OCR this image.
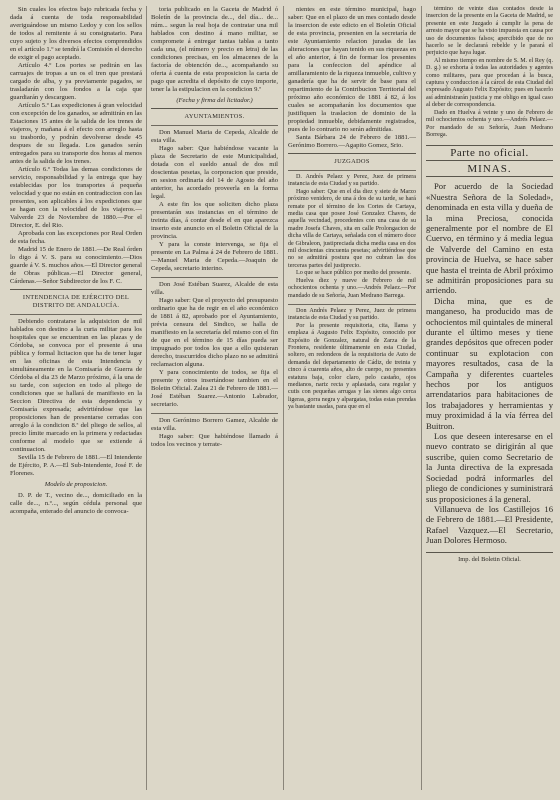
Sin cuales los efectos bajo rubricada fecha y dada á cuenta de toda responsabilidad averiguándose un mismo Ledoy y con los sellos de todos al remitente á su consignatario. Para cuyo sujeto y los diversos efectos comprendidos en el artículo 1.º se tendrá la Comisión el derecho de exigir el pago aceptado.

Artículo 4.º Los portes se pedirán en las carruajes de tropas a un os el tren que prestará cargado de alba, y ya previamente pagados, se trasladarán con los fondos a la caja que guardiarán y descarguen.

Artículo 5.º Las expediciones á gran velocidad con excepción de los ganados, se admitirán en las Estaciones 15 antes de la salida de los trenes de viajeros, y mañana á el efecto con arreglo hasta su trasbordo, y podrán devolverse desde 45 despues de su llegada. Los ganados serán entregados para su transporte dos horas al menos antes de la salida de los trenes.

Artículo 6.º Todas las demas condiciones de servicio, responsabilidad y la entrega que hay establecidas por los transportes á pequeña velocidad y que no están en contradiccion con las presentes, son aplicables á los expediciones que se hagan con la velocidad de los viajeros.—Valverde 23 de Noviembre de 1880.—Por el Director, E. del Rio.

Aprobada con las excepciones por Real Orden de esta fecha.

Madrid 15 de Enero de 1881.—De Real órden lo digo á V. S. para su conocimiento.—Dios guarde á V. S. muchos años.—El Director general de Obras públicas.—El Director general, Cárdenas.—Señor Subdirector de los F. C.

INTENDENCIA DE EJÉRCITO DEL DISTRITO DE ANDALUCÍA.

Debiendo contratarse la adquisicion de mil hablados con destino a la curia militar para los hospitales que se encuentran en las plazas y de Córdoba, se convoca por el presente á una pública y formal licitacion que ha de tener lugar en las oficinas de esta Intendencia y simultáneamente en la Comisaría de Guerra de Córdoba el dia 23 de Marzo próximo, á la una de su tarde, con sujecion en todo al pliego de condiciones que se hallará de manifiesto en la Seccion Directiva de esta dependencia y Comisaría expresada; advirtiéndose que las proposiciones han de presentarse cerradas con arreglo á la condicion 8.ª del pliego de sellos, al precio límite marcado en la primera y redactadas conforme al modelo que se extiende á continuacion.

Sevilla 15 de Febrero de 1881.—El Intendente de Ejército, P. A.—El Sub-Intendente, José F. de Florenes.

Modelo de proposicion.

D. P. de T., vecino de..., domiciliado en la calle de..., n.º..., según cédula personal que acompaña, enterado del anuncio de convoca-

toria publicado en la Gaceta de Madrid ó Boletín de la provincia de..., del día... de... núm... segun la real hoja de contratar una mil hablados con destino á mano militar, se compromete á entregar tantas tablas a tanto cada una, (el número y precio en letra) de las condiciones precisas, en los almacenes de la factoría de obtención de..., acompañando su oferta á cuenta de esta proposicion la carta de pago que acredita el depósito de cuyo importe, tener la la estipulacion en la condicion 9.ª

(Fecha y firma del licitador.)

AYUNTAMIENTOS.

Don Manuel Maria de Cepeda, Alcalde de esta villa.

Hago saber: Que habiéndose vacante la plaza de Secretario de este Municipalidad, dotada con el sueldo anual de dos mil doscientas pesetas, la corporacion que preside, en sesion ordinaria del 14 de Agosto del año anterior, ha acordado proveerla en la forma legal.

A este fin los que soliciten dicho plaza presentarán sus instancias en el término de treinta días, á contar desde el en que aparezca inserto este anuncio en el Boletin Oficial de la provincia.

Y para la conste intervenga, se fija el presente en La Palma á 24 de Febrero de 1881.—Manuel Maria de Cepeda.—Joaquin de Cepeda, secretario interino.

Don José Estéban Suarez, Alcalde de esta villa.

Hago saber: Que el proyecto del presupuesto ordinario que ha de regir en el año económico de 1881 á 82, aprobado por el Ayuntamiento, prévia censura del Sindico, se halla de manifiesto en la secretaría del mismo con el fin de que en el término de 15 días pueda ser impugnado por todos los que a ello quisieran derecho, trascurridos dicho plazo no se admitirá reclamacion alguna.

Y para conocimiento de todos, se fija el presente y otros insertándose tambien en el Boletin Oficial. Zalea 21 de Febrero de 1881.—José Estéban Suarez.—Antonio Labrador, secretario.

Don Gerónimo Borrero Gamez, Alcalde de esta villa.

Hago saber: Que habiéndose llamado á todos los vecinos y terrate-

nientes en este término municipal, hago saber: Que en el plazo de un mes contado desde la insercion de este edicto en el Boletín Oficial de esta provincia, presenten en la secretaría de este Ayuntamiento relacion juradas de las alteraciones que hayan tenido en sus riquezas en el año anterior, á fin de formar los presentes para la confeccion del apéndice al amillaramiento de la riqueza inmueble, cultivo y ganadería que ha de servir de base para el repartimiento de la Contribucion Territorial del próximo año económico de 1881 á 82, á los cuales se acompañarán los documentos que justifiquen la traslacion de dominio de la propiedad inmueble, debidamente registrados, pues de lo contrario no serán admitidas.

Santa Bárbara 24 de Febrero de 1881.—Gerónimo Borrero.—Agapito Gomez, Srio.

JUZGADOS

D. Andrés Pelaez y Perez, Juez de primera instancia de esta Ciudad y su partido.

Hago saber: Que en el dia diez y siete de Marzo próximo venidero, de una á dos de su tarde, se hará remate por el término de los Cortes de Cartaya, media casa que posee José Gonzalez Chaves, de aquella vecindad, procedentes con una casa de su madre Josefa Chaves, sita en calle Prolongacion de dicha villa de Cartaya, señalada con el número doce de Gibraleon, justipreciada dicha media casa en dos mil doscientas cincuenta pesetas; advirtiéndose que no se admitirá postura que no cubran las dos terceras partes del justiprecio.

Lo que se hace público por medio del presente.

Huelva diez y nueve de Febrero de mil ochocientos ochenta y uno.—Andrés Pelaez.—Por mandado de su Señoría, Juan Medrano Barrega.

Don Andrés Pelaez y Perez, Juez de primera instancia de esta Ciudad y su partido.

Por la presente requisitoria, cita, llama y emplaza á Augusto Felix Expósito, conocido por Expósito de Gonzalez, natural de Zarza de la Frontera, residente últimamente en esta Ciudad, soltero, en redondeos de la requisitoria de Auto de demanda del departamento de Cádiz, de treinta y cinco á cuarenta años, alto de cuerpo, no presentes estatura baja, color claro, pelo castaño, ojos medianos, nariz recta y aplastada, cara regular y cutis con pequeñas arrugas y las sienes algo cerca ligeras, gorra negra y alpargatas, todas estas prendas ya bastante usadas, para que en el

término de veinte días contados desde la insercion de la presente en la Gaceta de Madrid, se presente en este Juzgado á cumplir la pena de arresto mayor que se ha visto impuesta en causa por uso de documentos falsos; apercibido que de no hacerlo se le declarará rebelde y le parará el perjuicio que haya lugar.

Al mismo tiempo en nombre de S. M. el Rey (q. D. g.) se exhorta á todas las autoridades y agentes como militares, para que procedan á la busca, captura y conduccion á la cárcel de esta Ciudad del expresado Augusto Felix Expósito; pues en hacerlo así administrarán justicia y me obligo en igual caso al deber de correspondencia.

Dado en Huelva á veinte y uno de Febrero de mil ochocientos ochenta y uno.—Andrés Pelaez.—Por mandado de su Señoría, Juan Medrano Borrega.

Parte no oficial.
MINAS.

Por acuerdo de la Sociedad «Nuestra Señora de la Soledad», denominada en esta villa y dueña de la mina Preciosa, conocida generalmente por el nombre de El Cuervo, en término y á media legua de Valverde del Camino en esta provincia de Huelva, se hace saber que hasta el treinta de Abril próximo se admitirán proposiciones para su arriendo.

Dicha mina, que es de manganeso, ha producido mas de ochocientos mil quintales de mineral durante el último meses y tiene grandes depósitos que ofrecen poder continuar su explotacion con mayores resultados, casa de la Campaña y diferentes cuarteles hechos por los antiguos arrendatarios para habitaciones de los trabajadores y herramientas y muy proximidad á la vía férrea del Buitron.

Los que deseen interesarse en el nuevo contrato se dirigirán al que suscribe, quien como Secretario de la Junta directiva de la expresada Sociedad podrá informarles del pliego de condiciones y suministrará sus proposiciones á la general.

Villanueva de los Castillejos 16 de Febrero de 1881.—El Presidente, Rafael Vazquez.—El Secretario, Juan Dolores Hermoso.

Imp. del Boletin Oficial.
